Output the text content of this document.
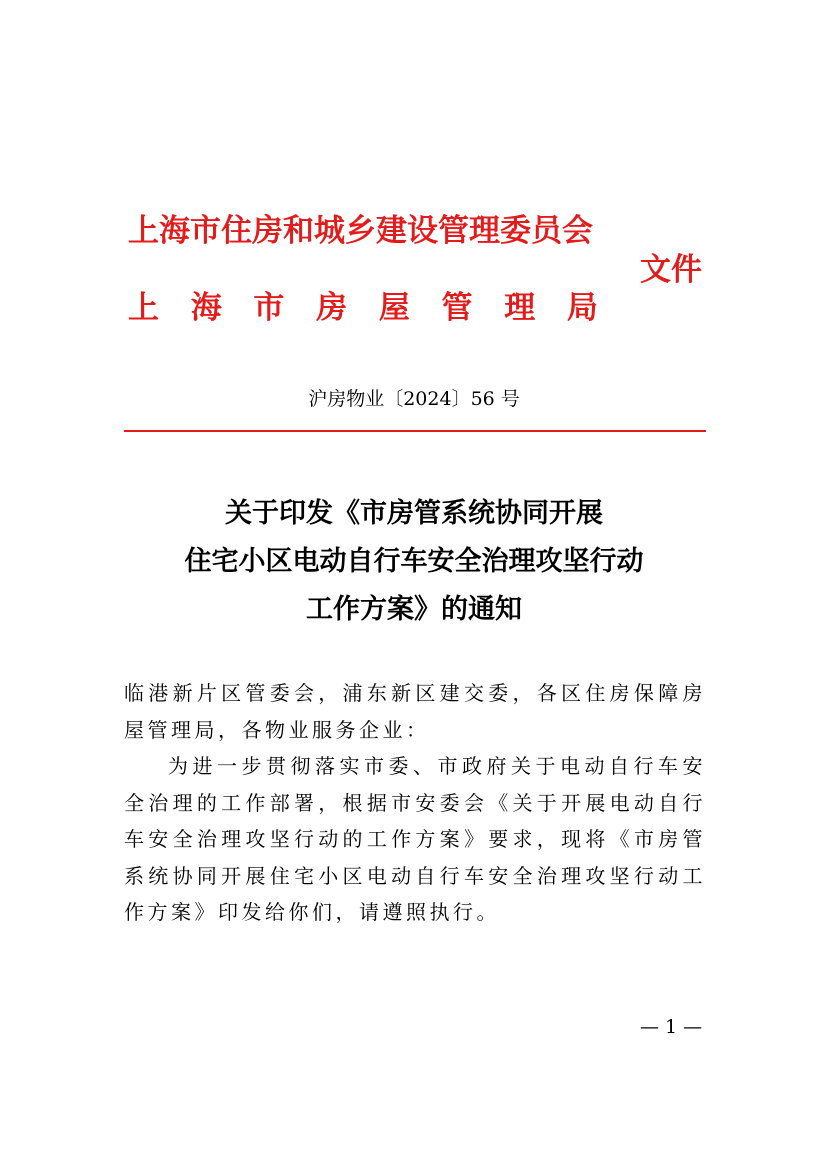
上海市住房和城乡建设管理委员会
上 海 市 房 屋 管 理 局
文件
沪房物业〔2024〕56 号
关于印发《市房管系统协同开展
住宅小区电动自行车安全治理攻坚行动
工作方案》的通知

临港新片区管委会，浦东新区建交委，各区住房保障房屋管理局，各物业服务企业：

为进一步贯彻落实市委、市政府关于电动自行车安全治理的工作部署，根据市安委会《关于开展电动自行车安全治理攻坚行动的工作方案》要求，现将《市房管系统协同开展住宅小区电动自行车安全治理攻坚行动工作方案》印发给你们，请遵照执行。

— 1 —
